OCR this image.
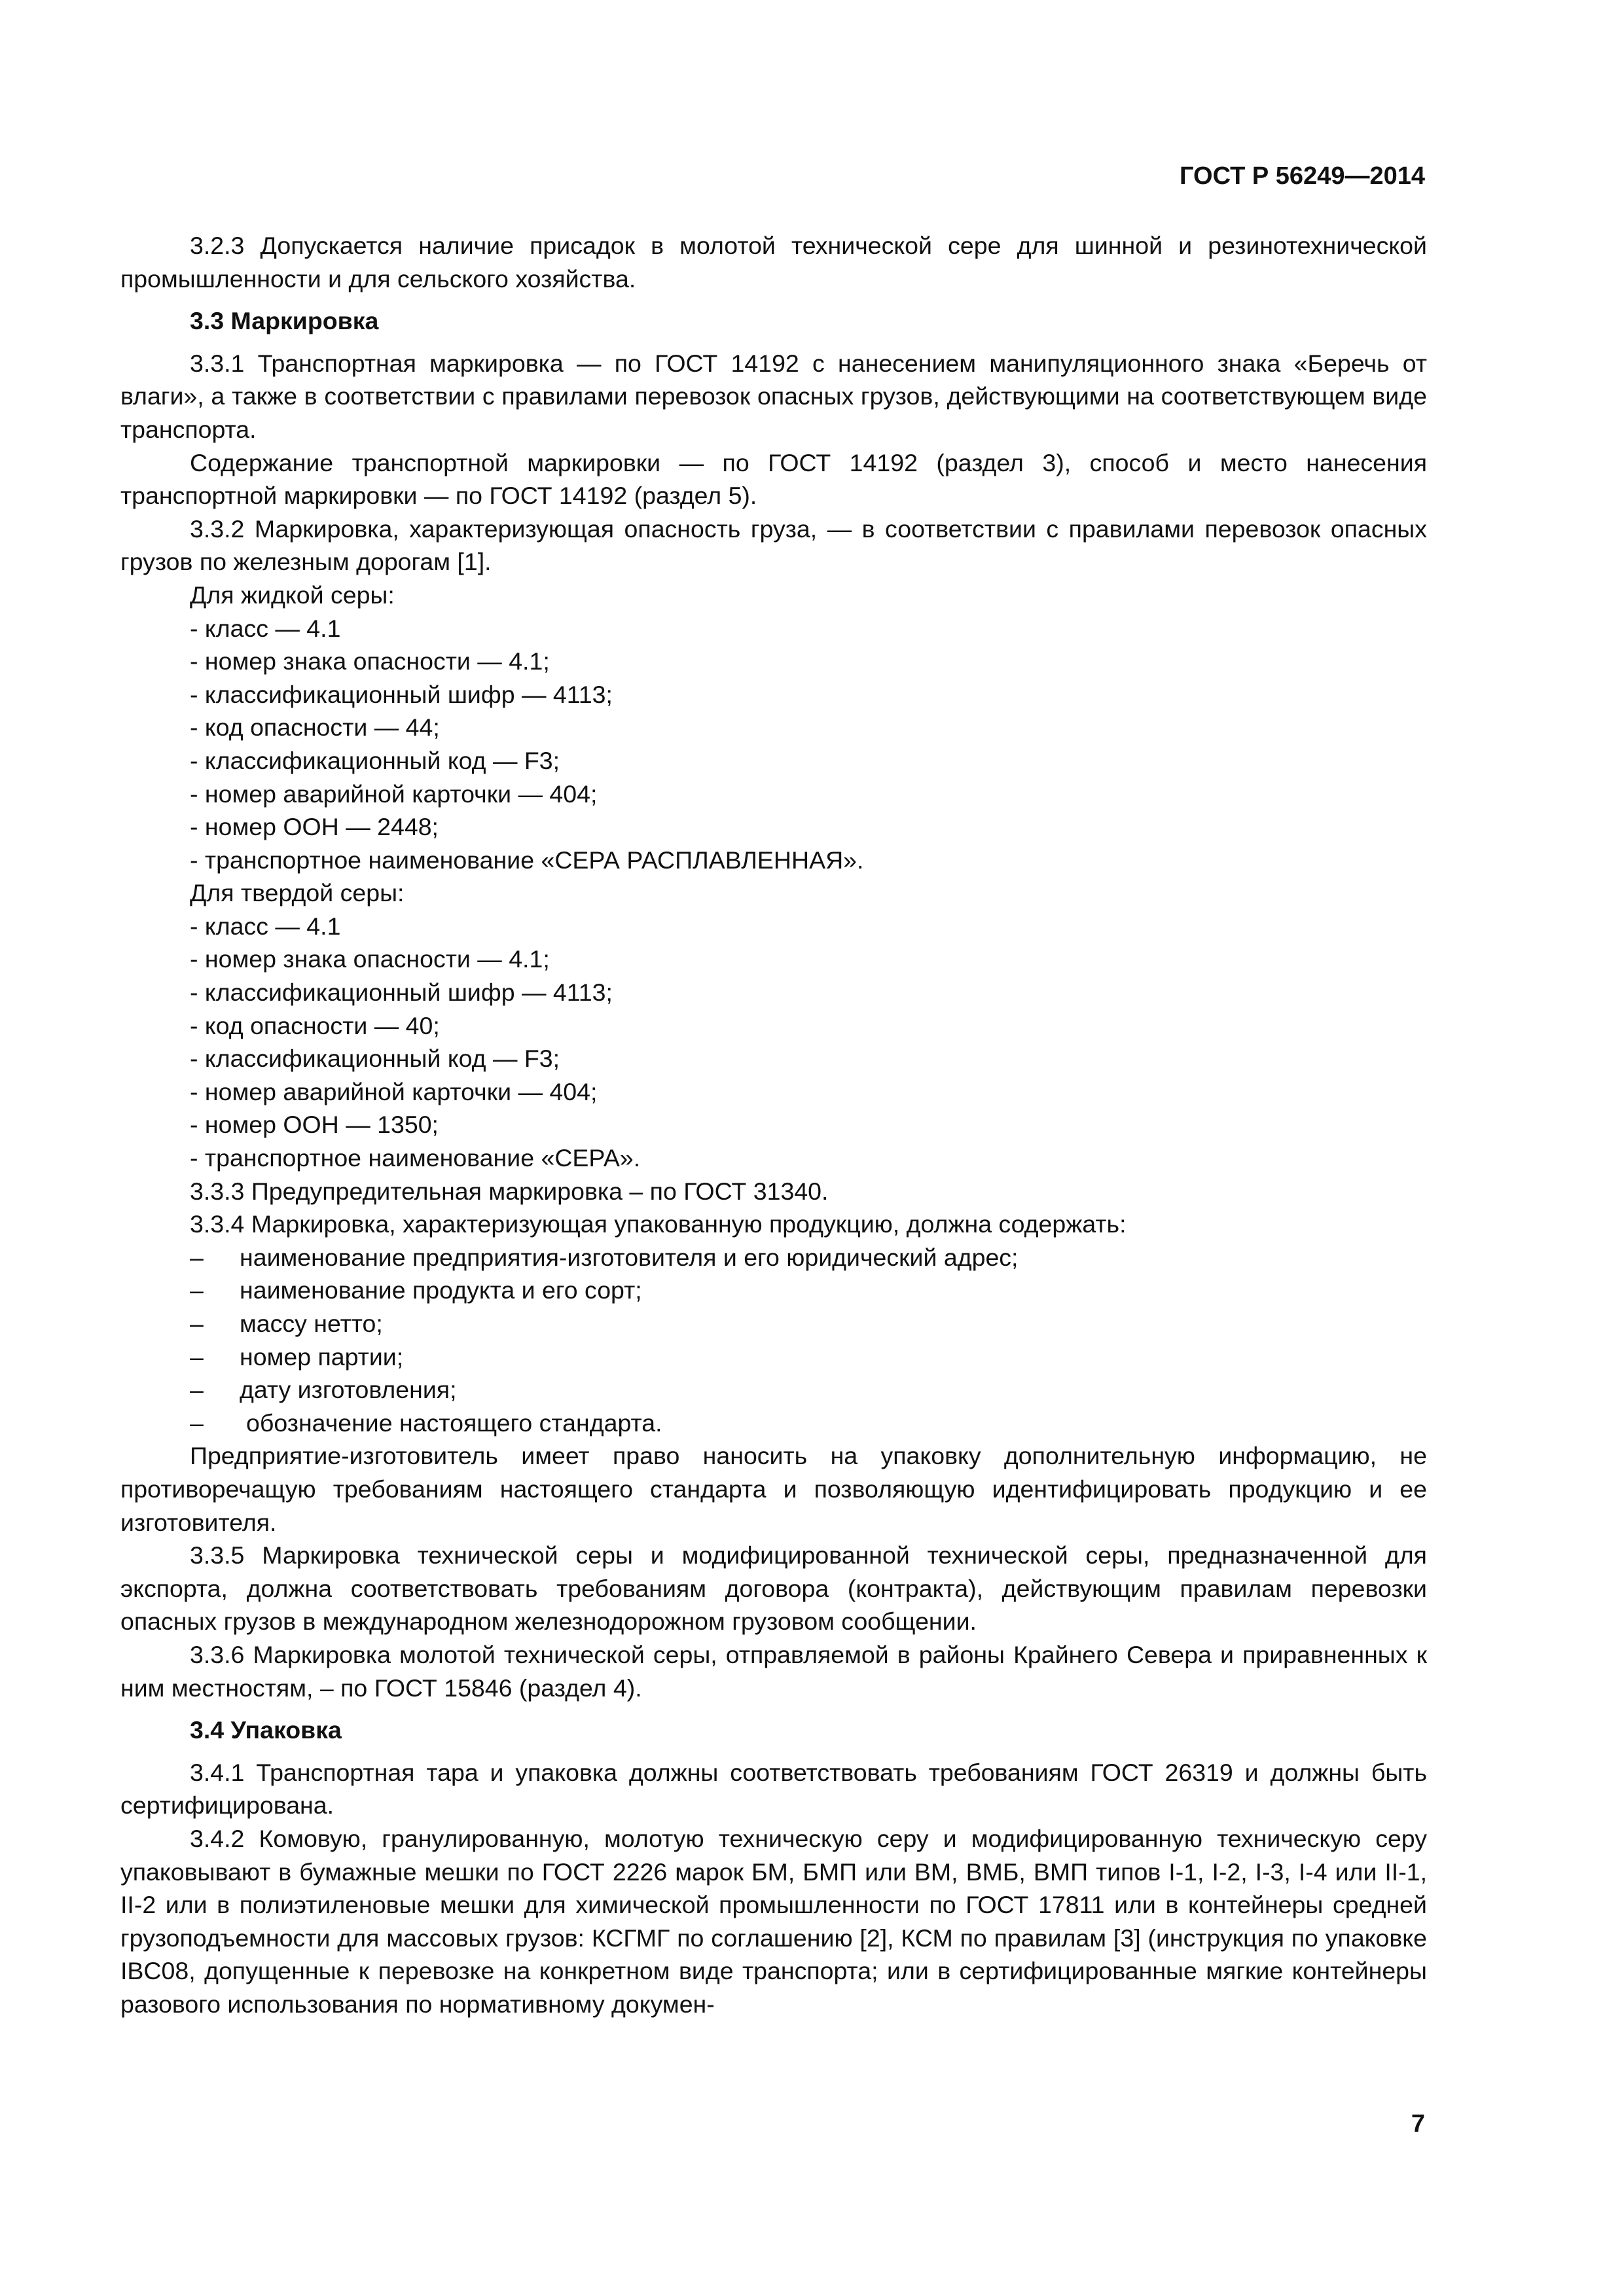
ГОСТ Р 56249—2014

3.2.3 Допускается наличие присадок в молотой технической сере для шинной и резинотехнической промышленности и для сельского хозяйства.

3.3 Маркировка

3.3.1 Транспортная маркировка — по ГОСТ 14192 с нанесением манипуляционного знака «Беречь от влаги», а также в соответствии с правилами перевозок опасных грузов, действующими на соответствующем виде транспорта.

Содержание транспортной маркировки — по ГОСТ 14192 (раздел 3), способ и место нанесения транспортной маркировки — по ГОСТ 14192 (раздел 5).

3.3.2 Маркировка, характеризующая опасность груза, — в соответствии с правилами перевозок опасных грузов по железным дорогам [1].

Для жидкой серы:

- класс — 4.1

- номер знака опасности — 4.1;

- классификационный шифр — 4113;

- код опасности — 44;

- классификационный код — F3;

- номер аварийной карточки — 404;

- номер ООН — 2448;

- транспортное наименование «СЕРА РАСПЛАВЛЕННАЯ».

Для твердой серы:

- класс — 4.1

- номер знака опасности — 4.1;

- классификационный шифр — 4113;

- код опасности — 40;

- классификационный код — F3;

- номер аварийной карточки — 404;

- номер ООН — 1350;

- транспортное наименование «СЕРА».

3.3.3 Предупредительная маркировка – по ГОСТ 31340.

3.3.4 Маркировка, характеризующая упакованную продукцию, должна содержать:

– наименование предприятия-изготовителя и его юридический адрес;

– наименование продукта и его сорт;

– массу нетто;

– номер партии;

– дату изготовления;

– обозначение настоящего стандарта.

Предприятие-изготовитель имеет право наносить на упаковку дополнительную информацию, не противоречащую требованиям настоящего стандарта и позволяющую идентифицировать продукцию и ее изготовителя.

3.3.5 Маркировка технической серы и модифицированной технической серы, предназначенной для экспорта, должна соответствовать требованиям договора (контракта), действующим правилам перевозки опасных грузов в международном железнодорожном грузовом сообщении.

3.3.6 Маркировка молотой технической серы, отправляемой в районы Крайнего Севера и приравненных к ним местностям, – по ГОСТ 15846 (раздел 4).

3.4 Упаковка

3.4.1 Транспортная тара и упаковка должны соответствовать требованиям ГОСТ 26319 и должны быть сертифицирована.

3.4.2 Комовую, гранулированную, молотую техническую серу и модифицированную техническую серу упаковывают в бумажные мешки по ГОСТ 2226 марок БМ, БМП или ВМ, ВМБ, ВМП типов I-1, I-2, I-3, I-4 или II-1, II-2 или в полиэтиленовые мешки для химической промышленности по ГОСТ 17811 или в контейнеры средней грузоподъемности для массовых грузов: КСГМГ по соглашению [2], КСМ по правилам [3] (инструкция по упаковке IBC08, допущенные к перевозке на конкретном виде транспорта; или в сертифицированные мягкие контейнеры разового использования по нормативному докумен-

7
